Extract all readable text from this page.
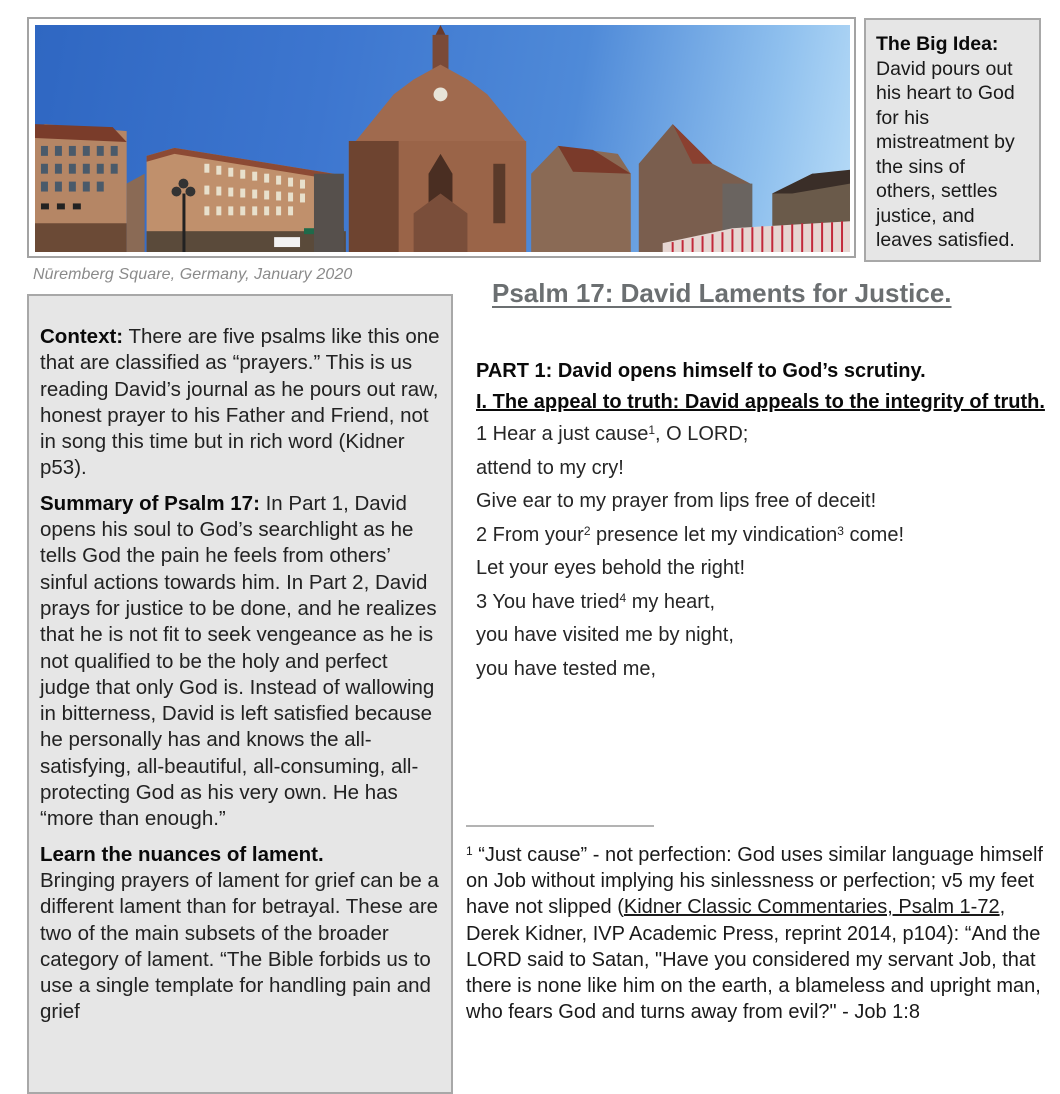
The Big Idea:
David pours out his heart to God for his mistreatment by the sins of others, settles justice, and leaves satisfied.
Nūremberg Square, Germany, January 2020
Psalm 17: David Laments for Justice.

Context: There are five psalms like this one that are classified as “prayers.” This is us reading David’s journal as he pours out raw, honest prayer to his Father and Friend, not in song this time but in rich word (Kidner p53).

Summary of Psalm 17: In Part 1, David opens his soul to God’s searchlight as he tells God the pain he feels from others’ sinful actions towards him. In Part 2, David prays for justice to be done, and he realizes that he is not fit to seek vengeance as he is not qualified to be the holy and perfect judge that only God is. Instead of wallowing in bitterness, David is left satisfied because he personally has and knows the all-satisfying, all-beautiful, all-consuming, all-protecting God as his very own. He has “more than enough.”

Learn the nuances of lament.
Bringing prayers of lament for grief can be a different lament than for betrayal. These are two of the main subsets of the broader category of lament. “The Bible forbids us to use a single template for handling pain and grief

PART 1: David opens himself to God’s scrutiny.

I. The appeal to truth: David appeals to the integrity of truth.

1 Hear a just cause$^1$, O LORD;

attend to my cry!

Give ear to my prayer from lips free of deceit!

2 From your$^2$ presence let my vindication$^3$ come!

Let your eyes behold the right!

3 You have tried$^4$ my heart,

you have visited me by night,

you have tested me,

$^1$ “Just cause” - not perfection: God uses similar language himself on Job without implying his sinlessness or perfection; v5 my feet have not slipped (Kidner Classic Commentaries, Psalm 1-72, Derek Kidner, IVP Academic Press, reprint 2014, p104): “And the LORD said to Satan, "Have you considered my servant Job, that there is none like him on the earth, a blameless and upright man, who fears God and turns away from evil?" - Job 1:8
